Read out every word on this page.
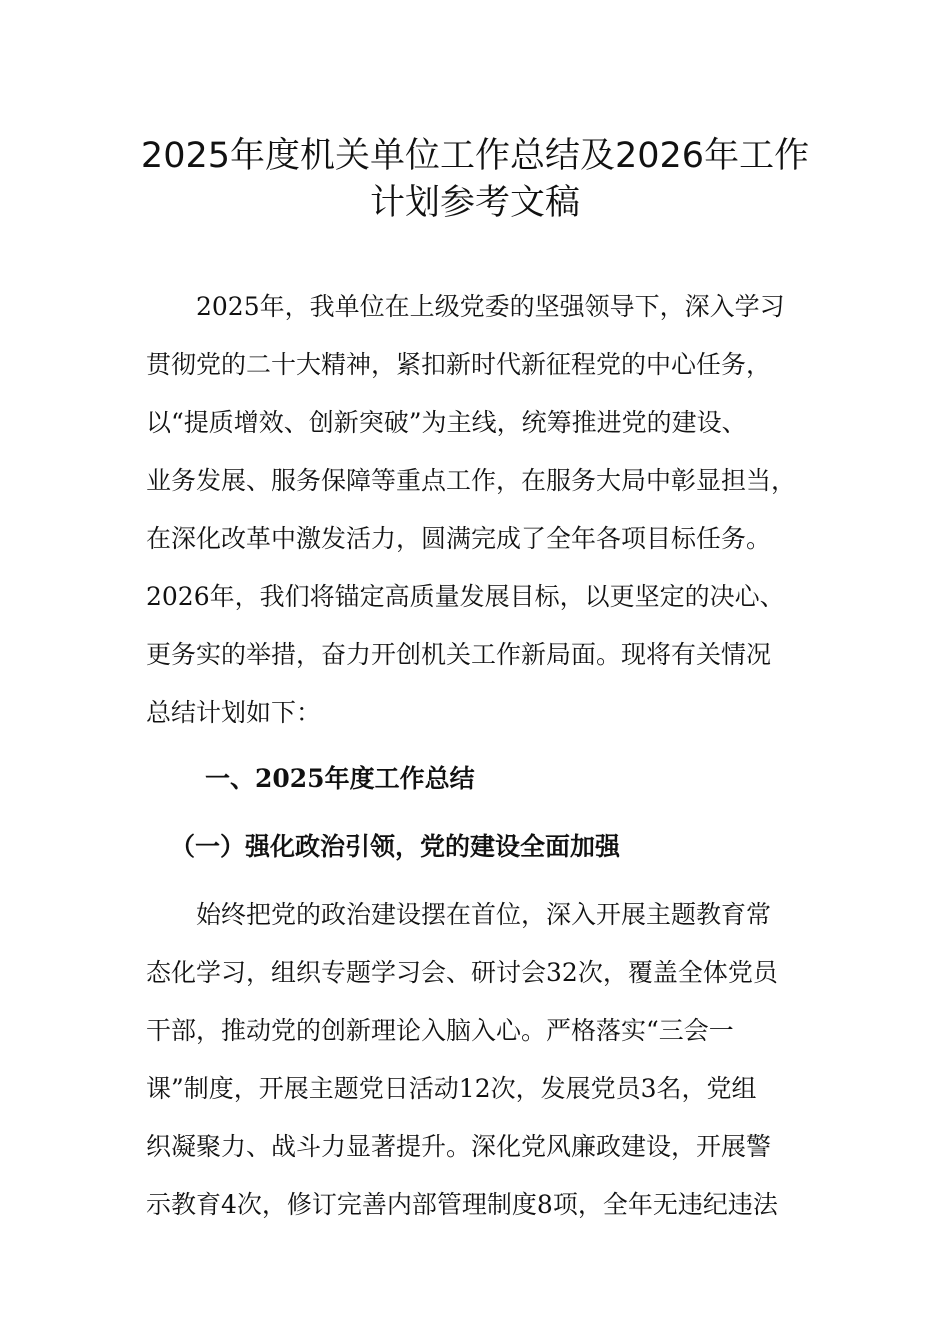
2025年度机关单位工作总结及2026年工作
计划参考文稿
2025年，我单位在上级党委的坚强领导下，深入学习
贯彻党的二十大精神，紧扣新时代新征程党的中心任务，
以“提质增效、创新突破”为主线，统筹推进党的建设、
业务发展、服务保障等重点工作，在服务大局中彰显担当，
在深化改革中激发活力，圆满完成了全年各项目标任务。
2026年，我们将锚定高质量发展目标，以更坚定的决心、
更务实的举措，奋力开创机关工作新局面。现将有关情况
总结计划如下：
一、2025年度工作总结
（一）强化政治引领，党的建设全面加强
始终把党的政治建设摆在首位，深入开展主题教育常
态化学习，组织专题学习会、研讨会32次，覆盖全体党员
干部，推动党的创新理论入脑入心。严格落实“三会一
课”制度，开展主题党日活动12次，发展党员3名，党组
织凝聚力、战斗力显著提升。深化党风廉政建设，开展警
示教育4次，修订完善内部管理制度8项，全年无违纪违法
